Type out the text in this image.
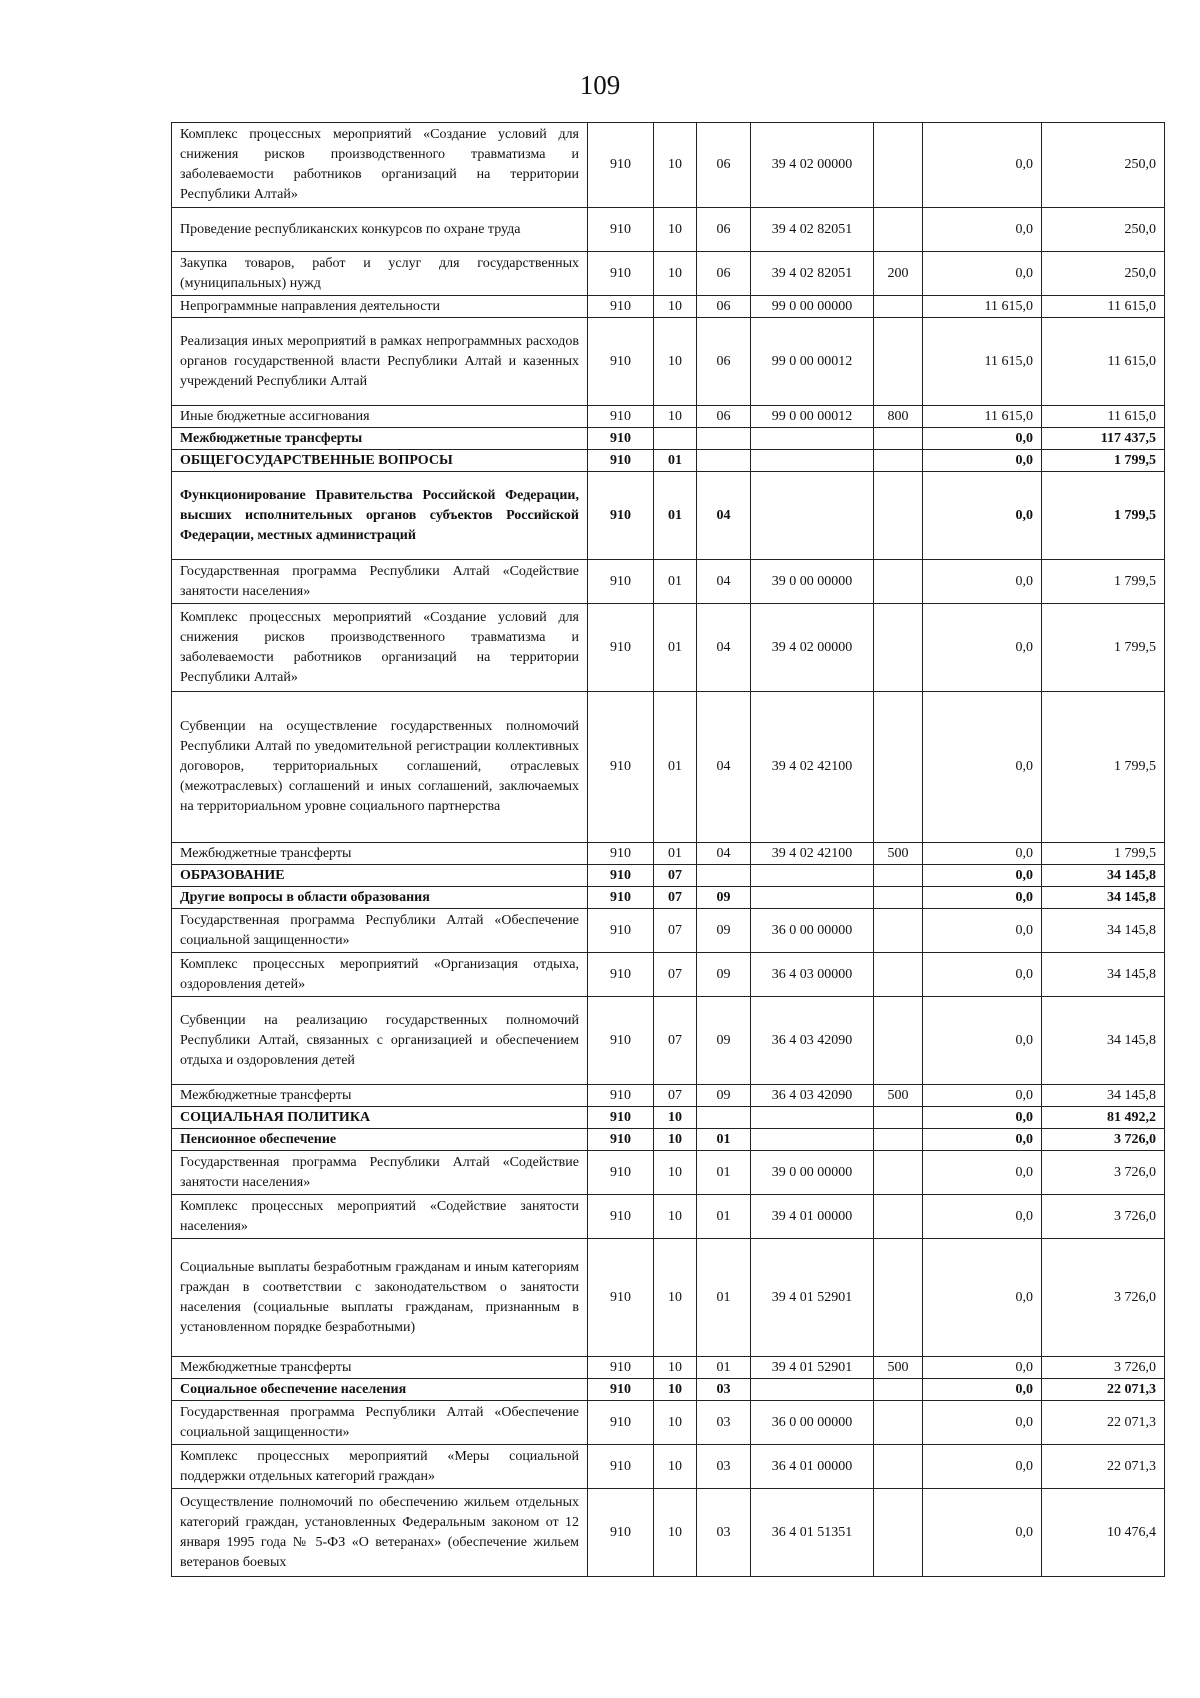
109
Комплекс процессных мероприятий «Создание условий для снижения рисков производственного травматизма и заболеваемости работников организаций на территории Республики Алтай»	910	10	06	39 4 02 00000		0,0	250,0
Проведение республиканских конкурсов по охране труда	910	10	06	39 4 02 82051		0,0	250,0
Закупка товаров, работ и услуг для государственных (муниципальных) нужд	910	10	06	39 4 02 82051	200	0,0	250,0
Непрограммные направления деятельности	910	10	06	99 0 00 00000		11 615,0	11 615,0
Реализация иных мероприятий в рамках непрограммных расходов органов государственной власти Республики Алтай и казенных учреждений Республики Алтай	910	10	06	99 0 00 00012		11 615,0	11 615,0
Иные бюджетные ассигнования	910	10	06	99 0 00 00012	800	11 615,0	11 615,0
Межбюджетные трансферты	910					0,0	117 437,5
ОБЩЕГОСУДАРСТВЕННЫЕ ВОПРОСЫ	910	01				0,0	1 799,5
Функционирование Правительства Российской Федерации, высших исполнительных органов субъектов Российской Федерации, местных администраций	910	01	04			0,0	1 799,5
Государственная программа Республики Алтай «Содействие занятости населения»	910	01	04	39 0 00 00000		0,0	1 799,5
Комплекс процессных мероприятий «Создание условий для снижения рисков производственного травматизма и заболеваемости работников организаций на территории Республики Алтай»	910	01	04	39 4 02 00000		0,0	1 799,5
Субвенции на осуществление государственных полномочий Республики Алтай по уведомительной регистрации коллективных договоров, территориальных соглашений, отраслевых (межотраслевых) соглашений и иных соглашений, заключаемых на территориальном уровне социального партнерства	910	01	04	39 4 02 42100		0,0	1 799,5
Межбюджетные трансферты	910	01	04	39 4 02 42100	500	0,0	1 799,5
ОБРАЗОВАНИЕ	910	07				0,0	34 145,8
Другие вопросы в области образования	910	07	09			0,0	34 145,8
Государственная программа Республики Алтай «Обеспечение социальной защищенности»	910	07	09	36 0 00 00000		0,0	34 145,8
Комплекс процессных мероприятий «Организация отдыха, оздоровления детей»	910	07	09	36 4 03 00000		0,0	34 145,8
Субвенции на реализацию государственных полномочий Республики Алтай, связанных с организацией и обеспечением отдыха и оздоровления детей	910	07	09	36 4 03 42090		0,0	34 145,8
Межбюджетные трансферты	910	07	09	36 4 03 42090	500	0,0	34 145,8
СОЦИАЛЬНАЯ ПОЛИТИКА	910	10				0,0	81 492,2
Пенсионное обеспечение	910	10	01			0,0	3 726,0
Государственная программа Республики Алтай «Содействие занятости населения»	910	10	01	39 0 00 00000		0,0	3 726,0
Комплекс процессных мероприятий «Содействие занятости населения»	910	10	01	39 4 01 00000		0,0	3 726,0
Социальные выплаты безработным гражданам и иным категориям граждан в соответствии с законодательством о занятости населения (социальные выплаты гражданам, признанным в установленном порядке безработными)	910	10	01	39 4 01 52901		0,0	3 726,0
Межбюджетные трансферты	910	10	01	39 4 01 52901	500	0,0	3 726,0
Социальное обеспечение населения	910	10	03			0,0	22 071,3
Государственная программа Республики Алтай «Обеспечение социальной защищенности»	910	10	03	36 0 00 00000		0,0	22 071,3
Комплекс процессных мероприятий «Меры социальной поддержки отдельных категорий граждан»	910	10	03	36 4 01 00000		0,0	22 071,3
Осуществление полномочий по обеспечению жильем отдельных категорий граждан, установленных Федеральным законом от 12 января 1995 года № 5-ФЗ «О ветеранах» (обеспечение жильем ветеранов боевых	910	10	03	36 4 01 51351		0,0	10 476,4
